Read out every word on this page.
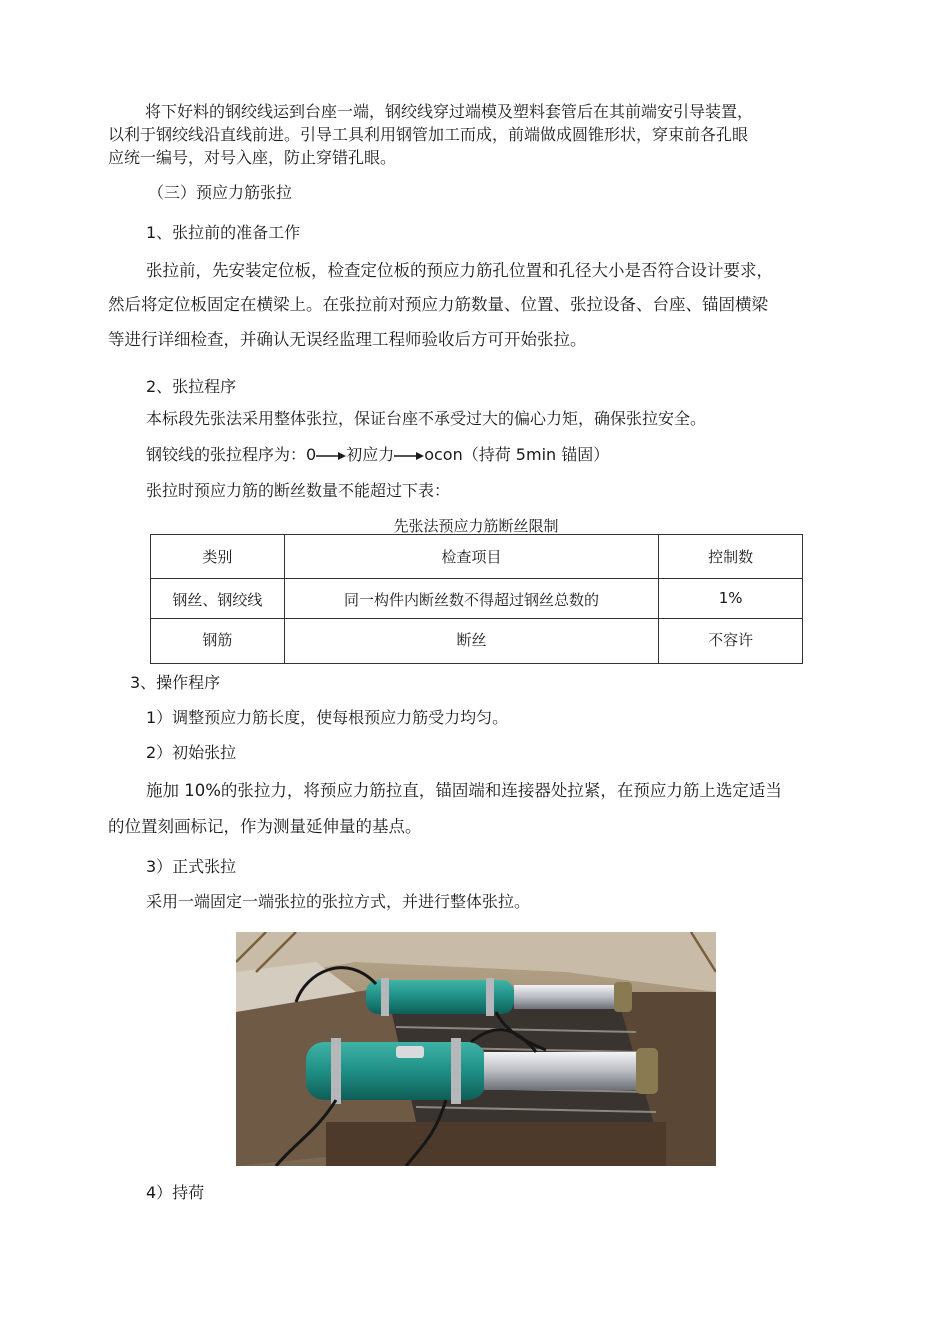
将下好料的钢绞线运到台座一端，钢绞线穿过端模及塑料套管后在其前端安引导装置，
以利于钢绞线沿直线前进。引导工具利用钢管加工而成，前端做成圆锥形状，穿束前各孔眼
应统一编号，对号入座，防止穿错孔眼。

（三）预应力筋张拉

1、张拉前的准备工作

张拉前，先安装定位板，检查定位板的预应力筋孔位置和孔径大小是否符合设计要求，

然后将定位板固定在横梁上。在张拉前对预应力筋数量、位置、张拉设备、台座、锚固横梁

等进行详细检查，并确认无误经监理工程师验收后方可开始张拉。

2、张拉程序

本标段先张法采用整体张拉，保证台座不承受过大的偏心力矩，确保张拉安全。

钢铰线的张拉程序为：0 初应力 ocon（持荷 5min 锚固）

张拉时预应力筋的断丝数量不能超过下表：

先张法预应力筋断丝限制
类别	检查项目	控制数
钢丝、钢绞线	同一构件内断丝数不得超过钢丝总数的	1%
钢筋	断丝	不容许

3、操作程序

1）调整预应力筋长度，使每根预应力筋受力均匀。

2）初始张拉

施加 10%的张拉力，将预应力筋拉直，锚固端和连接器处拉紧，在预应力筋上选定适当

的位置刻画标记，作为测量延伸量的基点。

3）正式张拉

采用一端固定一端张拉的张拉方式，并进行整体张拉。

4）持荷
